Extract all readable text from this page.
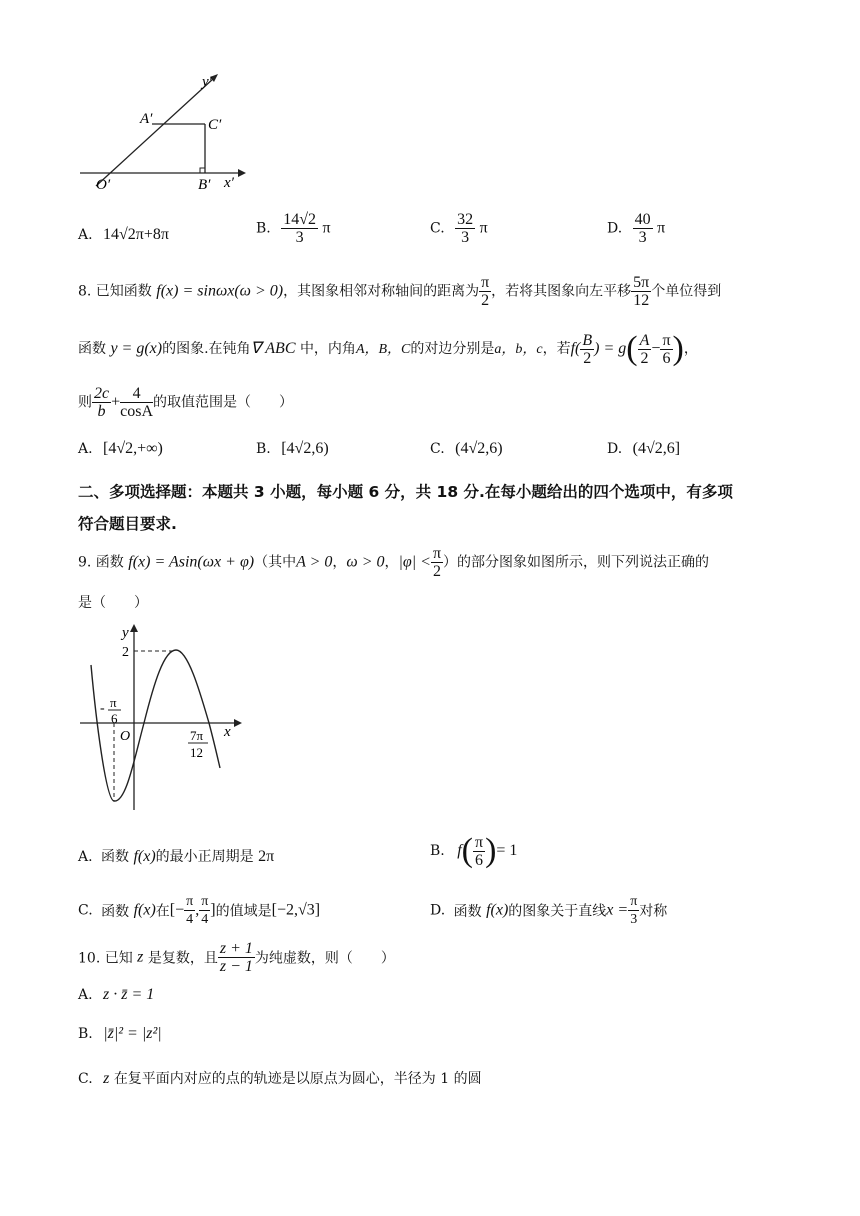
y′
x′
A′	C′
O′	B′
A. 14√2π+8π	B. $\frac{14√2}{3}$ π	C. $\frac{32}{3}$ π	D. $\frac{40}{3}$ π
8. 已知函数 f(x) = sinωx(ω > 0)，其图象相邻对称轴间的距离为 $\frac{\pi}{2}$ ，若将其图象向左平移 $\frac{5\pi}{12}$ 个单位得到
函数 y = g(x)的图象.在钝角∇ ABC 中，内角A，B，C的对边分别是a，b，c，若$f( \frac{B}{2}$ ) = $g( \frac{A}{2} - \frac{\pi}{6}$ )，
则 $\frac{2c}{b} + \frac{4}{\cos A}$ 的取值范围是（　　）
A. [4√2,+∞)	B. [4√2,6)	C. (4√2,6)	D. (4√2,6]
二、多项选择题：本题共 3 小题，每小题 6 分，共 18 分.在每小题给出的四个选项中，有多项
符合题目要求.
9. 函数 f(x) = Asin(ωx + φ)（其中A > 0，ω > 0，$|\varphi| < \frac{\pi}{2}$ ）的部分图象如图所示，则下列说法正确的
是（　　）
y
x
O
2
- π
6
7π
12
A. 函数 f(x)的最小正周期是 2π	B. $f( \frac{\pi}{6}$ )= 1
C. 函数 f(x)在[− $\frac{\pi}{4}$ , $\frac{\pi}{4}$ ]的值域是[−2,√3]	D. 函数 f(x)的图象关于直线$x = \frac{\pi}{3}$ 对称
10. 已知 z 是复数，且 $\frac{z + 1}{z - 1}$ 为纯虚数，则（　　）
A. z · z̄ = 1
B. |z̄|² = |z²|
C. z 在复平面内对应的点的轨迹是以原点为圆心，半径为 1 的圆
